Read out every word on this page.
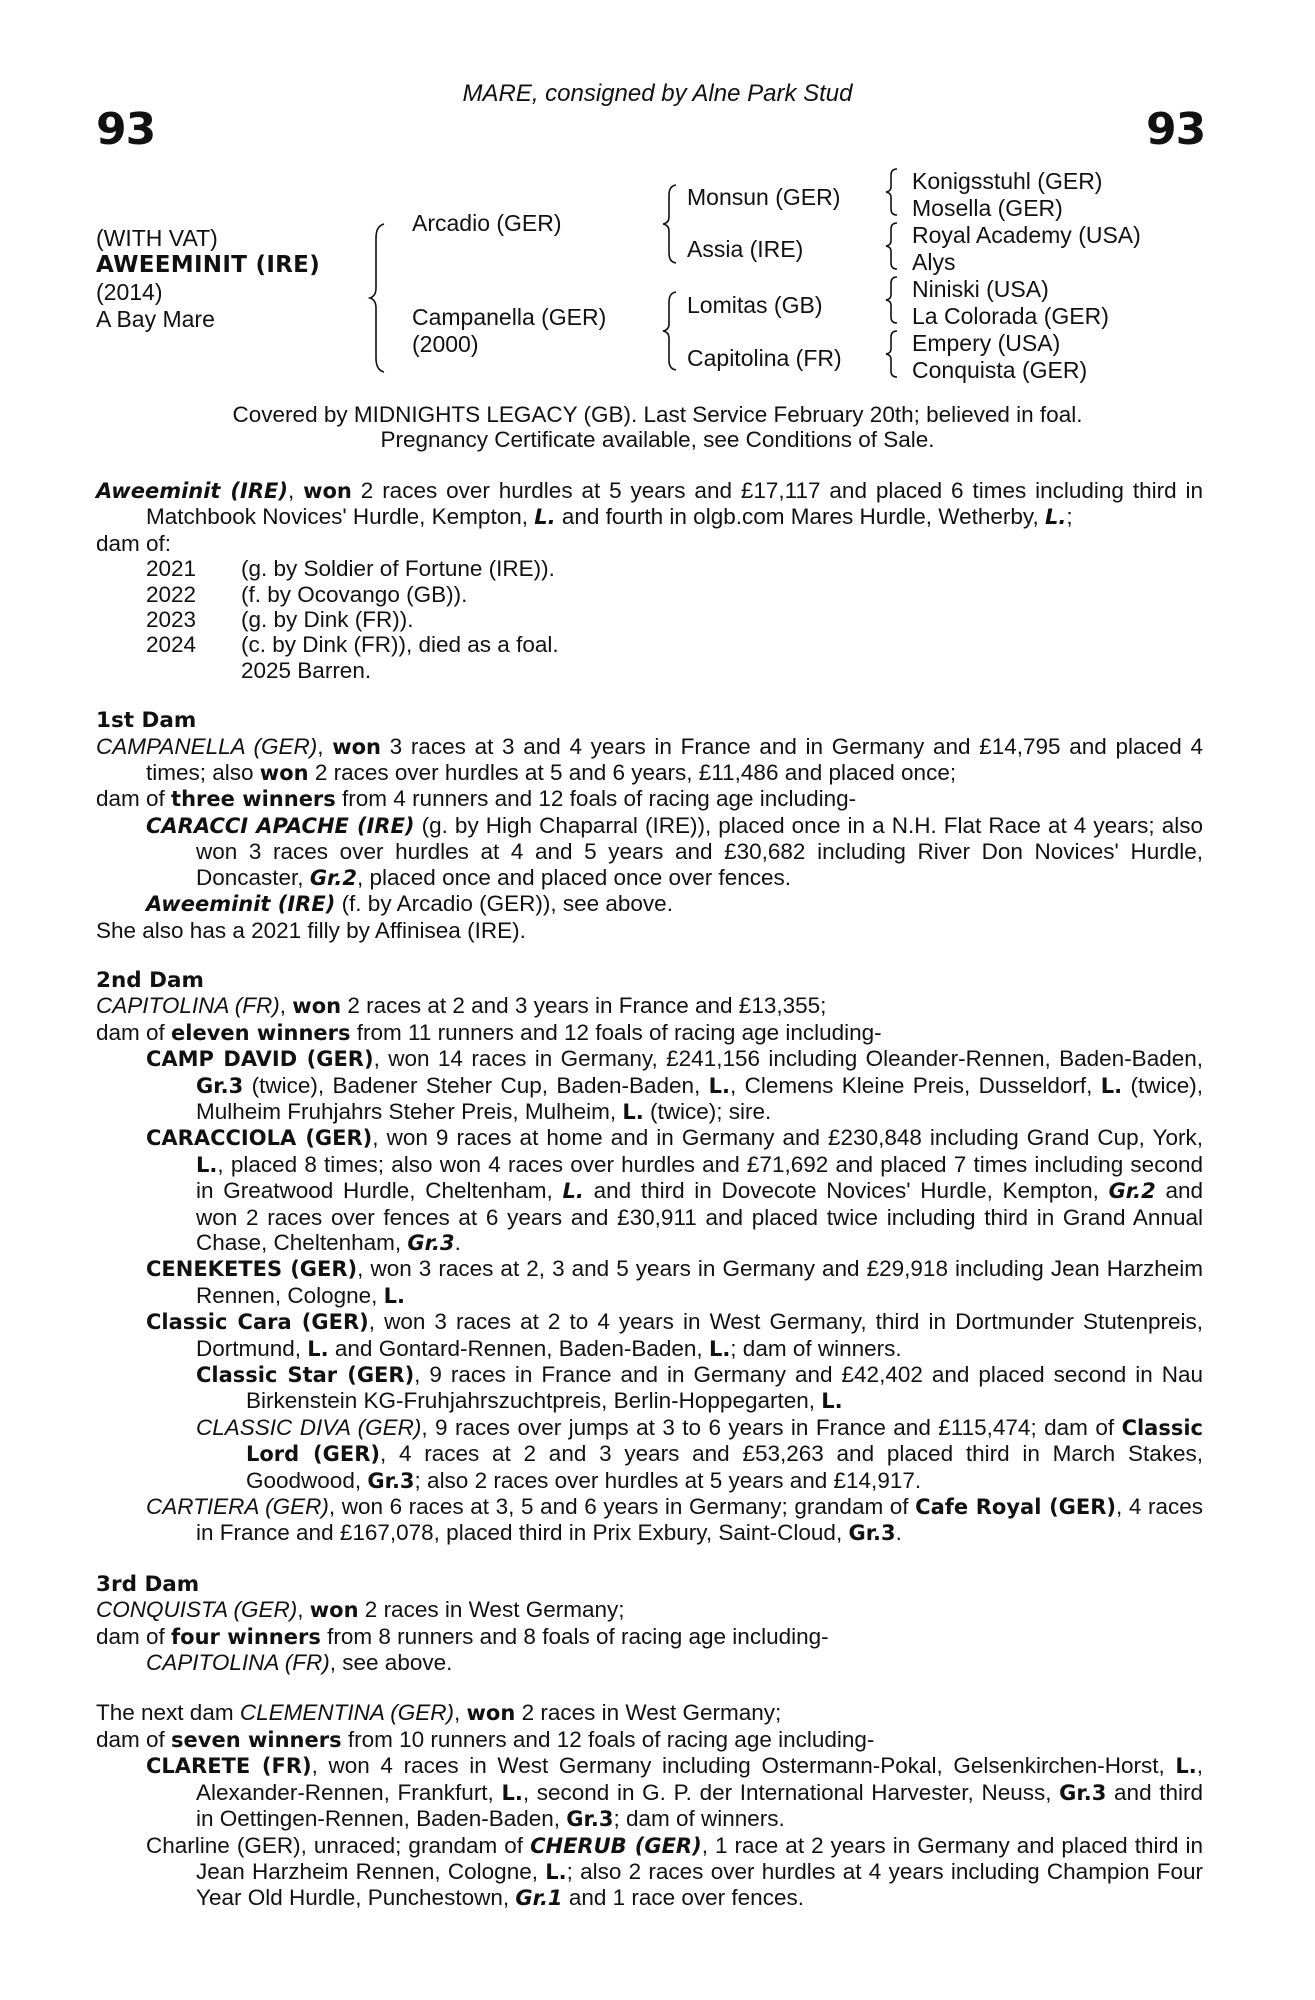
MARE, consigned by Alne Park Stud
93	93
(WITH VAT)
AWEEMINIT (IRE)
(2014)
A Bay Mare
Arcadio (GER)
Campanella (GER)
(2000)
Monsun (GER)
Assia (IRE)
Lomitas (GB)
Capitolina (FR)
Konigsstuhl (GER)
Mosella (GER)
Royal Academy (USA)
Alys
Niniski (USA)
La Colorada (GER)
Empery (USA)
Conquista (GER)
Covered by MIDNIGHTS LEGACY (GB). Last Service February 20th; believed in foal.
Pregnancy Certificate available, see Conditions of Sale.

Aweeminit (IRE), won 2 races over hurdles at 5 years and £17,117 and placed 6 times including third in Matchbook Novices' Hurdle, Kempton, L. and fourth in olgb.com Mares Hurdle, Wetherby, L.;

dam of:
2021	(g. by Soldier of Fortune (IRE)).
2022	(f. by Ocovango (GB)).
2023	(g. by Dink (FR)).
2024	(c. by Dink (FR)), died as a foal.
2025 Barren.
1st Dam

CAMPANELLA (GER), won 3 races at 3 and 4 years in France and in Germany and £14,795 and placed 4 times; also won 2 races over hurdles at 5 and 6 years, £11,486 and placed once;

dam of three winners from 4 runners and 12 foals of racing age including-

CARACCI APACHE (IRE) (g. by High Chaparral (IRE)), placed once in a N.H. Flat Race at 4 years; also won 3 races over hurdles at 4 and 5 years and £30,682 including River Don Novices' Hurdle, Doncaster, Gr.2, placed once and placed once over fences.

Aweeminit (IRE) (f. by Arcadio (GER)), see above.

She also has a 2021 filly by Affinisea (IRE).

2nd Dam

CAPITOLINA (FR), won 2 races at 2 and 3 years in France and £13,355;

dam of eleven winners from 11 runners and 12 foals of racing age including-

CAMP DAVID (GER), won 14 races in Germany, £241,156 including Oleander-Rennen, Baden-Baden, Gr.3 (twice), Badener Steher Cup, Baden-Baden, L., Clemens Kleine Preis, Dusseldorf, L. (twice), Mulheim Fruhjahrs Steher Preis, Mulheim, L. (twice); sire.

CARACCIOLA (GER), won 9 races at home and in Germany and £230,848 including Grand Cup, York, L., placed 8 times; also won 4 races over hurdles and £71,692 and placed 7 times including second in Greatwood Hurdle, Cheltenham, L. and third in Dovecote Novices' Hurdle, Kempton, Gr.2 and won 2 races over fences at 6 years and £30,911 and placed twice including third in Grand Annual Chase, Cheltenham, Gr.3.

CENEKETES (GER), won 3 races at 2, 3 and 5 years in Germany and £29,918 including Jean Harzheim Rennen, Cologne, L.

Classic Cara (GER), won 3 races at 2 to 4 years in West Germany, third in Dortmunder Stutenpreis, Dortmund, L. and Gontard-Rennen, Baden-Baden, L.; dam of winners.

Classic Star (GER), 9 races in France and in Germany and £42,402 and placed second in Nau Birkenstein KG-Fruhjahrszuchtpreis, Berlin-Hoppegarten, L.

CLASSIC DIVA (GER), 9 races over jumps at 3 to 6 years in France and £115,474; dam of Classic Lord (GER), 4 races at 2 and 3 years and £53,263 and placed third in March Stakes, Goodwood, Gr.3; also 2 races over hurdles at 5 years and £14,917.

CARTIERA (GER), won 6 races at 3, 5 and 6 years in Germany; grandam of Cafe Royal (GER), 4 races in France and £167,078, placed third in Prix Exbury, Saint-Cloud, Gr.3.

3rd Dam

CONQUISTA (GER), won 2 races in West Germany;

dam of four winners from 8 runners and 8 foals of racing age including-

CAPITOLINA (FR), see above.

The next dam CLEMENTINA (GER), won 2 races in West Germany;

dam of seven winners from 10 runners and 12 foals of racing age including-

CLARETE (FR), won 4 races in West Germany including Ostermann-Pokal, Gelsenkirchen-Horst, L., Alexander-Rennen, Frankfurt, L., second in G. P. der International Harvester, Neuss, Gr.3 and third in Oettingen-Rennen, Baden-Baden, Gr.3; dam of winners.

Charline (GER), unraced; grandam of CHERUB (GER), 1 race at 2 years in Germany and placed third in Jean Harzheim Rennen, Cologne, L.; also 2 races over hurdles at 4 years including Champion Four Year Old Hurdle, Punchestown, Gr.1 and 1 race over fences.
